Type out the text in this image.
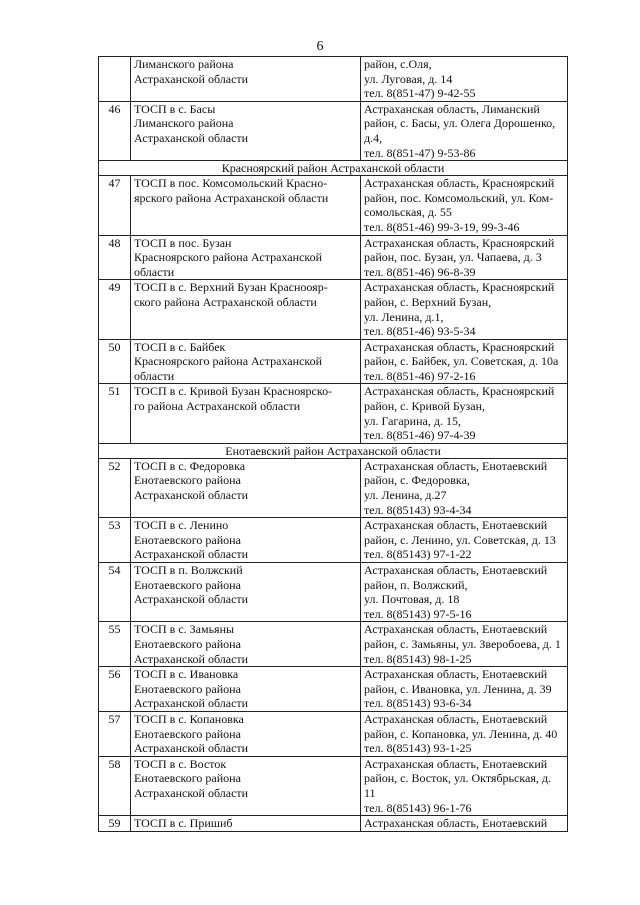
6
	Лиманского района
Астраханской области	район, с.Оля,
ул. Луговая, д. 14
тел. 8(851-47) 9-42-55
46	ТОСП в с. Басы
Лиманского района
Астраханской области	Астраханская область, Лиманский
район, с. Басы, ул. Олега Дорошенко,
д.4,
тел. 8(851-47) 9-53-86
Красноярский район Астраханской области		
47	ТОСП в пос. Комсомольский Красно-
ярского района Астраханской области	Астраханская область, Красноярский
район, пос. Комсомольский, ул. Ком-
сомольская, д. 55
тел. 8(851-46) 99-3-19, 99-3-46
48	ТОСП в пос. Бузан
Красноярского района Астраханской
области	Астраханская область, Красноярский
район, пос. Бузан, ул. Чапаева, д. 3
тел. 8(851-46) 96-8-39
49	ТОСП в с. Верхний Бузан Красноояр-
ского района Астраханской области	Астраханская область, Красноярский
район, с. Верхний Бузан,
ул. Ленина, д.1,
тел. 8(851-46) 93-5-34
50	ТОСП в с. Байбек
Красноярского района Астраханской
области	Астраханская область, Красноярский
район, с. Байбек, ул. Советская, д. 10а
тел. 8(851-46) 97-2-16
51	ТОСП в с. Кривой Бузан Красноярско-
го района Астраханской области	Астраханская область, Красноярский
район, с. Кривой Бузан,
ул. Гагарина, д. 15,
тел. 8(851-46) 97-4-39
Енотаевский район Астраханской области		
52	ТОСП в с. Федоровка
Енотаевского района
Астраханской области	Астраханская область, Енотаевский
район, с. Федоровка,
ул. Ленина, д.27
тел. 8(85143) 93-4-34
53	ТОСП в с. Ленино
Енотаевского района
Астраханской области	Астраханская область, Енотаевский
район, с. Ленино, ул. Советская, д. 13
тел. 8(85143) 97-1-22
54	ТОСП в п. Волжский
Енотаевского района
Астраханской области	Астраханская область, Енотаевский
район, п. Волжский,
ул. Почтовая, д. 18
тел. 8(85143) 97-5-16
55	ТОСП в с. Замьяны
Енотаевского района
Астраханской области	Астраханская область, Енотаевский
район, с. Замьяны, ул. Зверобоева, д. 1
тел. 8(85143) 98-1-25
56	ТОСП в с. Ивановка
Енотаевского района
Астраханской области	Астраханская область, Енотаевский
район, с. Ивановка, ул. Ленина, д. 39
тел. 8(85143) 93-6-34
57	ТОСП в с. Копановка
Енотаевского района
Астраханской области	Астраханская область, Енотаевский
район, с. Копановка, ул. Ленина, д. 40
тел. 8(85143) 93-1-25
58	ТОСП в с. Восток
Енотаевского района
Астраханской области	Астраханская область, Енотаевский
район, с. Восток, ул. Октябрьская, д.
11
тел. 8(85143) 96-1-76
59	ТОСП в с. Пришиб	Астраханская область, Енотаевский
